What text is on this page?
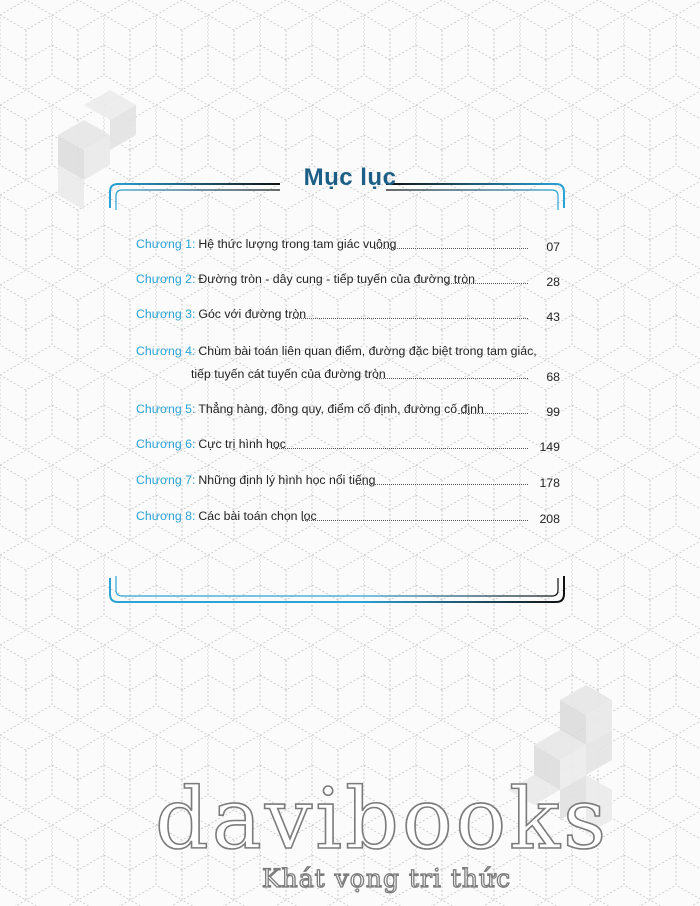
Mục lục
Chương 1: Hệ thức lượng trong tam giác vuông	07
Chương 2: Đường tròn - dây cung - tiếp tuyến của đường tròn	28
Chương 3: Góc với đường tròn	43
Chương 4: Chùm bài toán liên quan điểm, đường đặc biệt trong tam giác,
tiếp tuyến cát tuyến của đường tròn	68
Chương 5: Thẳng hàng, đồng quy, điểm cố định, đường cố định	99
Chương 6: Cực trị hình học	149
Chương 7: Những định lý hình học nổi tiếng	178
Chương 8: Các bài toán chọn lọc	208
davibooks
Khát vọng tri thức
